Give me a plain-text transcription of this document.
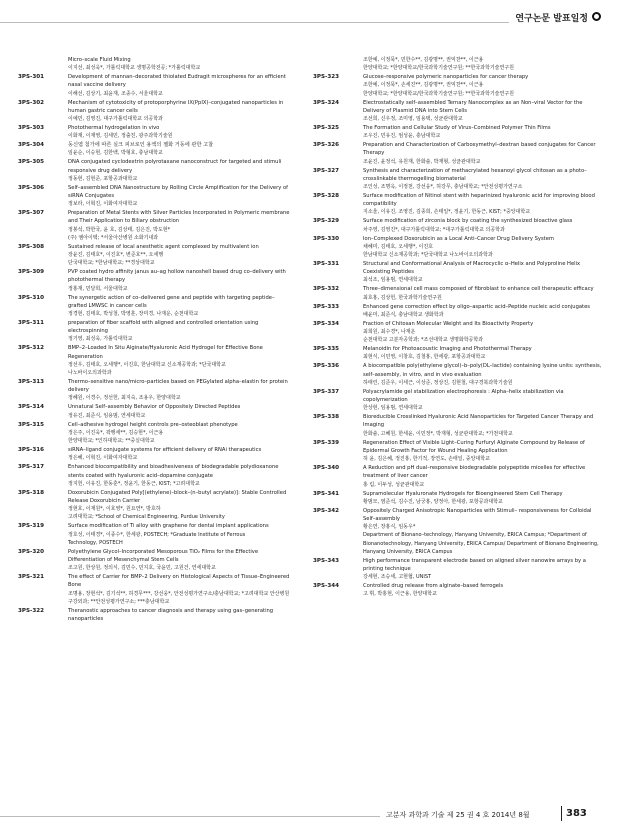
연구논문 발표일정
Micro–scale Fluid Mixing
이지선, 최성욱*, 가톨릭대학교 생명공학전공; *가톨릭대학교
3PS-301	Development of mannan–decorated thiolated Eudragit microspheres for an efficient nasal vaccine delivery
이해선, 김상기, 최윤재, 조종수, 서울대학교
3PS-302	Mechanism of cytotoxicity of protoporphyrine IX(PpIX)–conjugated nanoparticles in human gastric cancer cells
이예민, 김영진, 대구가톨릭대학교 의공학과
3PS-303	Photothermal hydrogelation in vivo
이화재, 이재영, 김세민, 정출친, 광주과학기술원
3PS-304	동신엽 첨가에 따른 실크 피브로인 용액의 젤화 거동에 관한 고찰
임윤순, 이승현, 김한백, 박형호, 충남대학교
3PS-305	DNA conjugated cyclodextrin polyrotaxane nanoconstruct for targeted and stimuli responsive drug delivery
정동현, 김현준, 포항공과대학교
3PS-306	Self–assembled DNA Nanostructure by Rolling Circle Amplification for the Delivery of siRNA Conjugates
정보라, 이혁진, 이화여자대학교
3PS-307	Preparation of Metal Stents with Silver Particles Incorporated in Polymeric membrane and Their Application to Biliary obstruction
정봉석, 박한국, 윤 호, 김상태, 김은진, 박도현*
(주) 엠아이텍; *서울아산병원 소화기내과
3PS-308	Sustained release of local anesthetic agent complexed by multivalent ion
장윤진, 김태호*, 이진호*, 변준호**, 오세행
단국대학교; *한남대학교; **경상대학교
3PS-309	PVP coated hydro affinity janus au–ag hollow nanoshell based drug co–delivery with photothermal therapy
정홍재, 민달희, 서울대학교
3PS-310	The synergetic action of co–delivered gene and peptide with targeting peptide–grafted LMWSC in cancer cells
정경현, 김태호, 박성철, 박영훈, 장미경, 나재운, 순천대학교
3PS-311	preparation of fiber scaffold with aligned and controlled orientation using electrospinning
정기영, 최성욱, 가톨릭대학교
3PS-312	BMP–2–Loaded In Situ Alginate/Hyaluronic Acid Hydrogel for Effective Bone Regeneration
정선우, 김태호, 오세행*, 이진호, 한남대학교 신소재공학과; *단국대학교
나노바이오의과학과
3PS-313	Thermo–sensitive nano/micro–particles based on PEGylated alpha–elastin for protein delivery
정혜원, 이경수, 정선헌, 최지숙, 조용우, 한양대학교
3PS-314	Unnatural Self–assembly Behavior of Oppositely Directed Peptides
정유진, 최준식, 임용범, 연세대학교
3PS-315	Cell–adhesive hydrogel height controls pre–osteoblast phenotype
정은주, 이진욱*, 곽행세**, 김승현*, 이근용
한양대학교; *인하대학교; **중실대학교
3PS-316	siRNA–ligand conjugate systems for efficient delivery of RNAi therapeutics
정은혜, 이혁진, 이화여자대학교
3PS-317	Enhanced biocompatibility and bioadhesiveness of biodegradable polydioxanone stents coated with hyaluronic acid–dopamine conjugate
정지헌, 이유진, 한동훈*, 정윤기, 한동근, KIST; *고려대학교
3PS-318	Doxorubicin Conjugated Poly[(ethylene)–block–(n–butyl acrylate)]: Stable Controlled Release Doxorubicin Carrier
정현호, 이재원*, 이호영*, 원요연*, 방호하
고려대학교; *School of Chemical Engineering, Purdue University
3PS-319	Surface modification of Ti alloy with graphene for dental implant applications
정호성, 이태경*, 이종수*, 한세광, POSTECH; *Graduate Institute of Ferrous
Technology, POSTECH
3PS-320	Polyethylene Glycol–Incorporated Mesoporous TiO₂ Films for the Effective Differentiation of Mesenchymal Stem Cells
조고원, 한상원, 정의식, 김민수, 민지호, 국윤민, 고원건, 연세대학교
3PS-321	The effect of Carrier for BMP–2 Delivery on Histological Aspects of Tissue–Engineered Bone
조명용, 장현석*, 김기석**, 허경무***, 강선웅*, 안전성평가연구소/충남대학교; *고려대학교 안산병원 구강외과; **안전성평가연구소; ***충남대학교
3PS-322	Theranostic approaches to cancer diagnosis and therapy using gas–generating nanoparticles
조한예, 이정묵*, 민한수**, 김광명**, 권익찬**, 이근용
한양대학교; *한양대학교/한국과학기술연구원; **한국과학기술연구원
3PS-323	Glucose–responsive polymeric nanoparticles for cancer therapy
조한예, 이정묵*, 손세진**, 김광명**, 권익찬**, 이근용
한양대학교; *한양대학교/한국과학기술연구원; **한국과학기술연구원
3PS-324	Electrostatically self–assembled Ternary Nanocomplex as an Non–viral Vector for the Delivery of Plasmid DNA into Stem Cells
조선희, 신우정, 조미영, 임용택, 성균관대학교
3PS-325	The Formation and Cellular Study of Virus–Combined Polymer Thin Films
조우진, 민유진, 엄성윤, 충남대학교
3PS-326	Preparation and Characterization of Carboxymethyl–dextran based conjugates for Cancer Therapy
조윤진, 윤정석, 유원재, 한화솔, 박재형, 성균관대학교
3PS-327	Synthesis and characterization of methacrylated hexanoyl glycol chitosan as a photo–crosslinkable thermogelling biomaterial
조인성, 조명옥, 이정천, 강선웅*, 허강무, 충남대학교; *안전성평가연구소
3PS-328	Surface modification of Nitinol stent with heparinized hyaluronic acid for improving blood compatibility
지소울, 이유진, 조영진, 김종희, 손태일*, 정윤기, 한동근, KIST; *중앙대학교
3PS-329	Surface modification of zirconia block by coating the synthesized bioactive glass
차주영, 김영진*, 대구가톨릭대학교; *대구가톨릭대학교 의공학과
3PS-330	Ion–Complexed Doxorubicin as a Local Anti–Cancer Drug Delivery System
채혜미, 김태호, 오세행*, 이진호
한남대학교 신소재공학과; *단국대학교 나노바이오의과학과
3PS-331	Structural and Conformational Analysis of Macrocyclic α–Helix and Polyproline Helix Coexisting Peptides
최석조, 임용범, 연세대학교
3PS-332	Three–dimensional cell mass composed of fibroblast to enhance cell therapeutic efficacy
최호홍, 김상헌, 한국과학기술연구원
3PS-333	Enhanced gene correction effect by oligo–aspartic acid–Peptide nucleic acid conjugates
배윤미, 최준식, 충남대학교 생화학과
3PS-334	Fraction of Chitosan Molecular Weight and Its Bioactivity Property
최희원, 최수경*, 나재운
순천대학교 고분자공학과; *조선대학교 생명화학공학과
3PS-335	Melanoidin for Photoacoustic Imaging and Photothermal Therapy
최현식, 이민영, 이창호, 김철홍, 한세광, 포항공과대학교
3PS-336	A biocompatible poly(ethylene glycol)–b–poly(DL–lactide) containing lysine units: synthesis, self–assembly, in vitro, and in vivo evaluation
하태린, 김준우, 이세근, 이상준, 정상진, 김현철, 대구경북과학기술원
3PS-337	Polyacrylamide gel stabilization electrophoresis : Alpha–helix stabilization via copolymerization
한상현, 임용범, 연세대학교
3PS-338	Bioreducible Crosslinked Hyaluronic Acid Nanoparticles for Targeted Cancer Therapy and Imaging
한화솔, 고혜원, 한세윤, 이민정*, 박재형, 성균관대학교; *가천대학교
3PS-339	Regeneration Effect of Visible Light–Curing Furfuryl Alginate Compound by Release of Epidermal Growth Factor for Wound Healing Application
허 윤, 김은혜, 정진홍, 한기적, 장연도, 손태일, 중앙대학교
3PS-340	A Reduction and pH dual–responsive biodegradable polypeptide micelles for effective treatment of liver cancer
홍 림, 이두성, 성균관대학교
3PS-341	Supramolecular Hyaluronate Hydrogels for Bioengineered Stem Cell Therapy
황범모, 염준석, 김수진, 남궁홍, 양정아, 한세광, 포항공과대학교
3PS-342	Oppositely Charged Anisotropic Nanoparticles with Stimuli– responsiveness for Colloidal Self–assembly
황은연, 장홍식, 임동우*
Department of Bionano–technology, Hanyang University, ERICA Campus; *Department of Bionanotechnology, Hanyang University, ERICA Campus/ Department of Bionano Engineering, Hanyang University, ERICA Campus
3PS-343	High performance transparent electrode based on aligned silver nanowire arrays by a printing technique
강세현, 조승세, 고현협, UNIST
3PS-344	Controlled drug release from alginate–based ferrogels
고 휘, 박홍현, 이근용, 한양대학교
고분자 과학과 기술 제 25 권 4 호 2014년 8월	383
